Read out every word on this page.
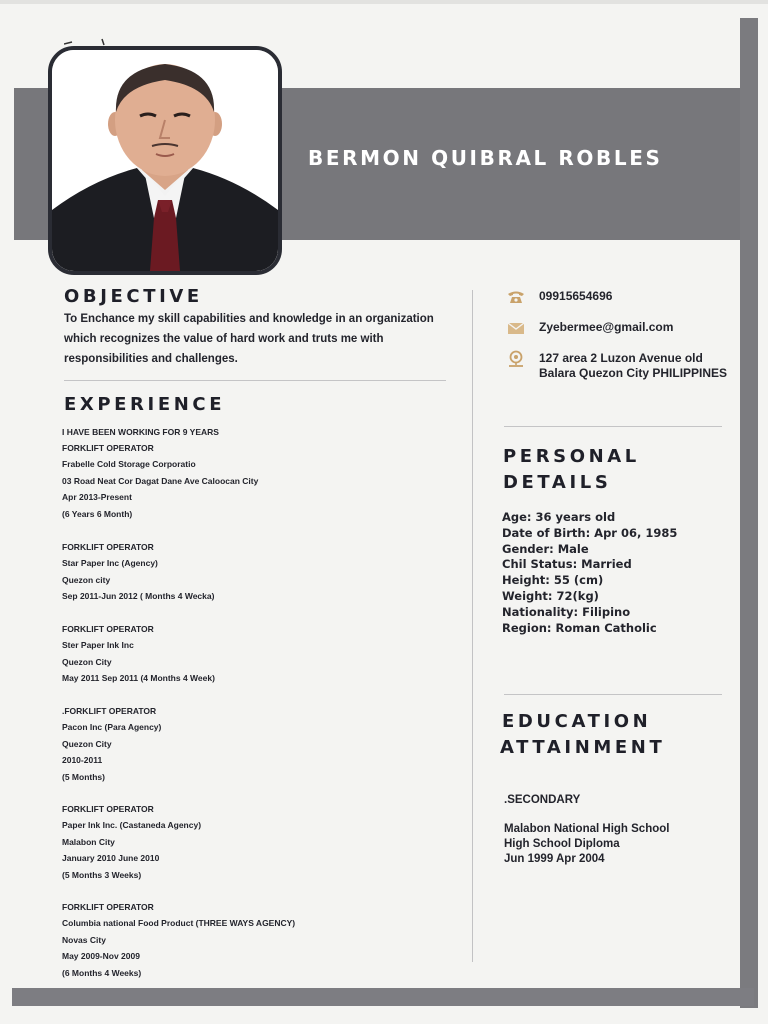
BERMON QUIBRAL ROBLES
OBJECTIVE
To Enchance my skill capabilities and knowledge in an organization
which recognizes the value of hard work and truts me with
responsibilities and challenges.
EXPERIENCE
I HAVE BEEN WORKING FOR 9 YEARS
FORKLIFT OPERATOR
Frabelle Cold Storage Corporatio
03 Road Neat Cor Dagat Dane Ave Caloocan City
Apr 2013-Present
(6 Years 6 Month)
FORKLIFT OPERATOR
Star Paper Inc (Agency)
Quezon city
Sep 2011-Jun 2012 ( Months 4 Wecka)
FORKLIFT OPERATOR
Ster Paper Ink Inc
Quezon City
May 2011 Sep 2011 (4 Months 4 Week)
.FORKLIFT OPERATOR
Pacon Inc (Para Agency)
Quezon City
2010-2011
(5 Months)
FORKLIFT OPERATOR
Paper Ink Inc. (Castaneda Agency)
Malabon City
January 2010 June 2010
(5 Months 3 Weeks)
FORKLIFT OPERATOR
Columbia national Food Product (THREE WAYS AGENCY)
Novas City
May 2009-Nov 2009
(6 Months 4 Weeks)
09915654696
Zyebermee@gmail.com
127 area 2 Luzon Avenue old
Balara Quezon City PHILIPPINES
PERSONAL
DETAILS
Age: 36 years old
Date of Birth: Apr 06, 1985
Gender: Male
Chil Status: Married
Height: 55 (cm)
Weight: 72(kg)
Nationality: Filipino
Region: Roman Catholic
EDUCATION
ATTAINMENT
.SECONDARY
Malabon National High School
High School Diploma
Jun 1999 Apr 2004
